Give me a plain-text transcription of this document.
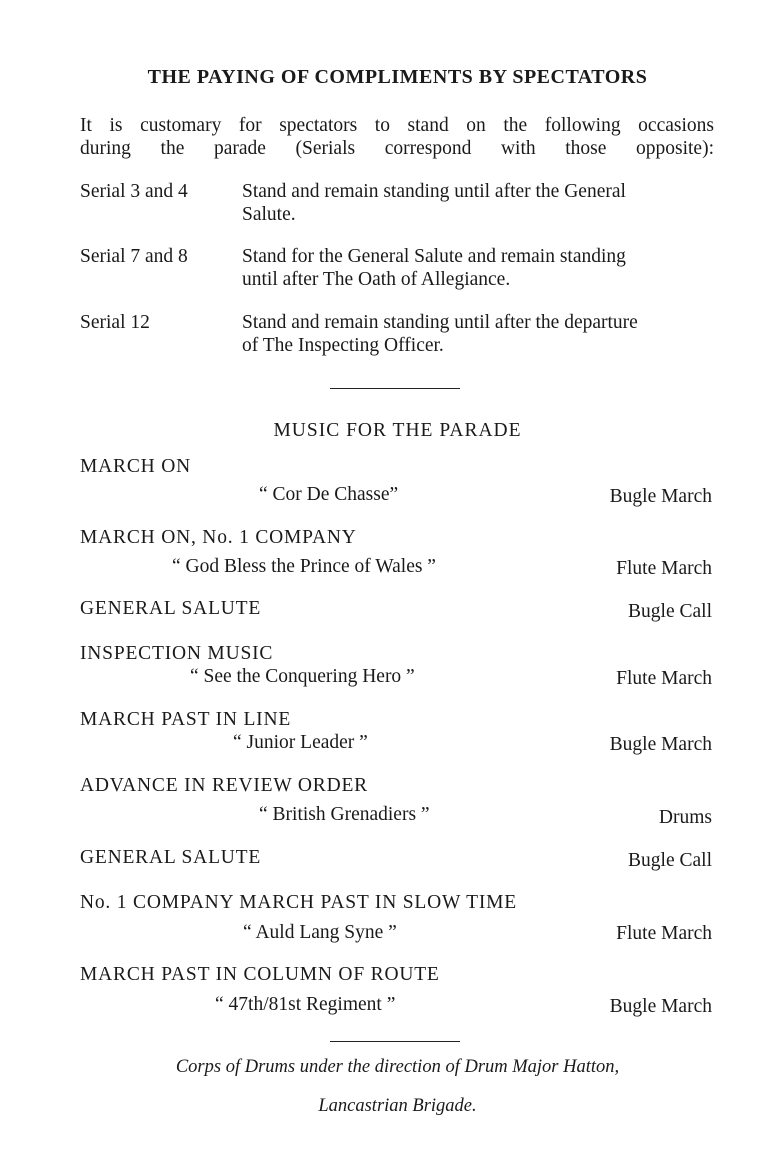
THE PAYING OF COMPLIMENTS BY SPECTATORS
It is customary for spectators to stand on the following occasions
during the parade (Serials correspond with those opposite):
Serial 3 and 4	Stand and remain standing until after the General
Salute.
Serial 7 and 8	Stand for the General Salute and remain standing
until after The Oath of Allegiance.
Serial 12	Stand and remain standing until after the departure
of The Inspecting Officer.
MUSIC FOR THE PARADE
MARCH ON
“ Cor De Chasse”	Bugle March
MARCH ON, No. 1 COMPANY
“ God Bless the Prince of Wales ”	Flute March
GENERAL SALUTE	Bugle Call
INSPECTION MUSIC
“ See the Conquering Hero ”	Flute March
MARCH PAST IN LINE
“ Junior Leader ”	Bugle March
ADVANCE IN REVIEW ORDER
“ British Grenadiers ”	Drums
GENERAL SALUTE	Bugle Call
No. 1 COMPANY MARCH PAST IN SLOW TIME
“ Auld Lang Syne ”	Flute March
MARCH PAST IN COLUMN OF ROUTE
“ 47th/81st Regiment ”	Bugle March
Corps of Drums under the direction of Drum Major Hatton,
Lancastrian Brigade.
